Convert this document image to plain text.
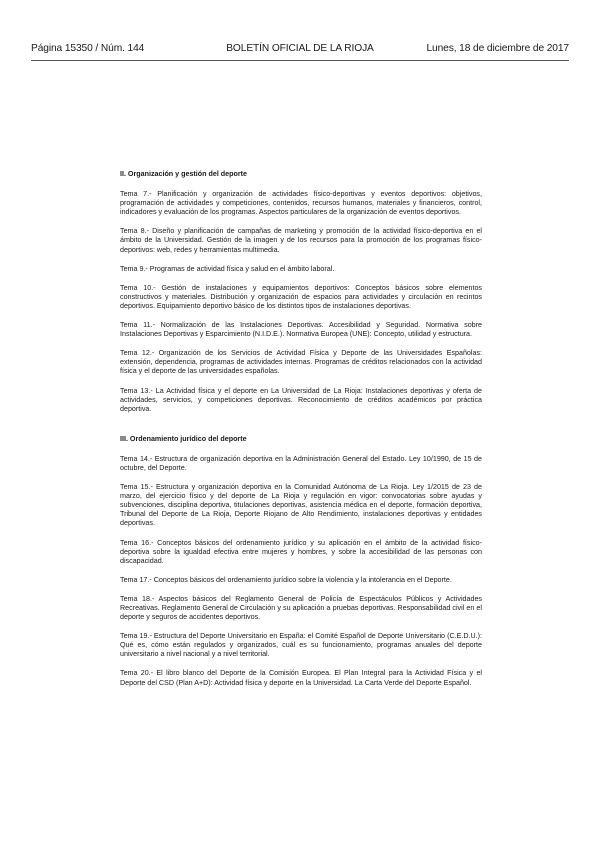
Página 15350 / Núm. 144	BOLETÍN OFICIAL DE LA RIOJA	Lunes, 18 de diciembre de 2017

II. Organización y gestión del deporte

Tema 7.- Planificación y organización de actividades físico-deportivas y eventos deportivos: objetivos, programación de actividades y competiciones, contenidos, recursos humanos, materiales y financieros, control, indicadores y evaluación de los programas. Aspectos particulares de la organización de eventos deportivos.

Tema 8.- Diseño y planificación de campañas de marketing y promoción de la actividad físico-deportiva en el ámbito de la Universidad. Gestión de la imagen y de los recursos para la promoción de los programas físico-deportivos: web, redes y herramientas multimedia.

Tema 9.- Programas de actividad física y salud en el ámbito laboral.

Tema 10.- Gestión de instalaciones y equipamientos deportivos: Conceptos básicos sobre elementos constructivos y materiales. Distribución y organización de espacios para actividades y circulación en recintos deportivos. Equipamiento deportivo básico de los distintos tipos de instalaciones deportivas.

Tema 11.- Normalización de las Instalaciones Deportivas. Accesibilidad y Seguridad. Normativa sobre Instalaciones Deportivas y Esparcimiento (N.I.D.E.). Normativa Europea (UNE): Concepto, utilidad y estructura.

Tema 12.- Organización de los Servicios de Actividad Física y Deporte de las Universidades Españolas: extensión, dependencia, programas de actividades internas. Programas de créditos relacionados con la actividad física y el deporte de las universidades españolas.

Tema 13.- La Actividad física y el deporte en La Universidad de La Rioja: Instalaciones deportivas y oferta de actividades, servicios, y competiciones deportivas. Reconocimiento de créditos académicos por práctica deportiva.

III. Ordenamiento jurídico del deporte

Tema 14.- Estructura de organización deportiva en la Administración General del Estado. Ley 10/1990, de 15 de octubre, del Deporte.

Tema 15.- Estructura y organización deportiva en la Comunidad Autónoma de La Rioja. Ley 1/2015 de 23 de marzo, del ejercicio físico y del deporte de La Rioja y regulación en vigor: convocatorias sobre ayudas y subvenciones, disciplina deportiva, titulaciones deportivas, asistencia médica en el deporte, formación deportiva, Tribunal del Deporte de La Rioja, Deporte Riojano de Alto Rendimiento, instalaciones deportivas y entidades deportivas.

Tema 16.- Conceptos básicos del ordenamiento jurídico y su aplicación en el ámbito de la actividad físico-deportiva sobre la igualdad efectiva entre mujeres y hombres, y sobre la accesibilidad de las personas con discapacidad.

Tema 17.- Conceptos básicos del ordenamiento jurídico sobre la violencia y la intolerancia en el Deporte.

Tema 18.- Aspectos básicos del Reglamento General de Policía de Espectáculos Públicos y Actividades Recreativas. Reglamento General de Circulación y su aplicación a pruebas deportivas. Responsabilidad civil en el deporte y seguros de accidentes deportivos.

Tema 19.- Estructura del Deporte Universitario en España: el Comité Español de Deporte Universitario (C.E.D.U.): Qué es, cómo están regulados y organizados, cuál es su funcionamiento, programas anuales del deporte universitario a nivel nacional y a nivel territorial.

Tema 20.- El libro blanco del Deporte de la Comisión Europea. El Plan Integral para la Actividad Física y el Deporte del CSD (Plan A+D): Actividad física y deporte en la Universidad. La Carta Verde del Deporte Español.
